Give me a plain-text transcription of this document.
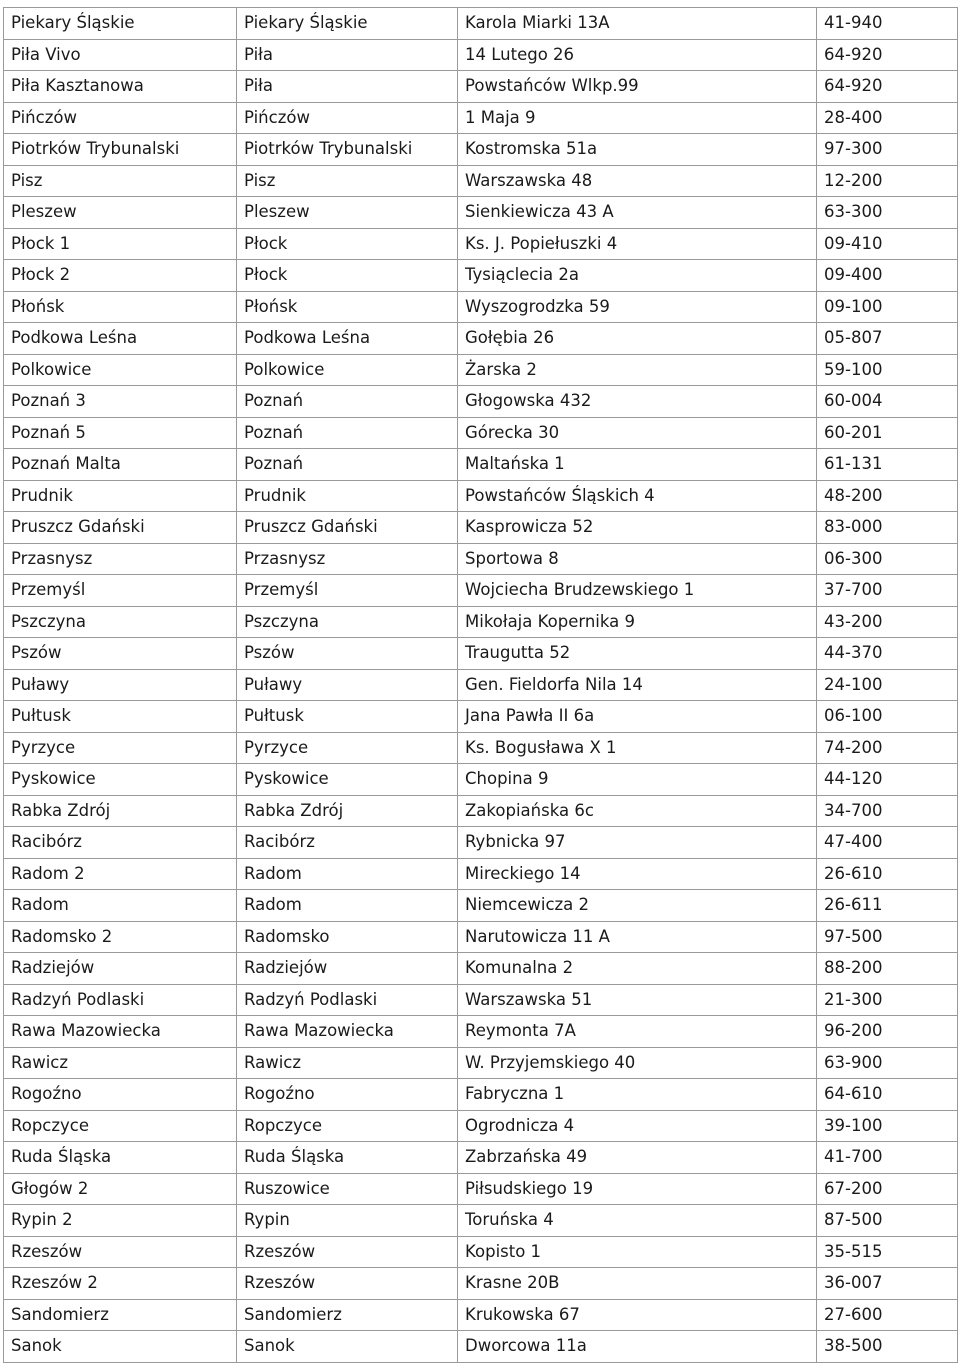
Piekary Śląskie	Piekary Śląskie	Karola Miarki 13A	41-940
Piła Vivo	Piła	14 Lutego 26	64-920
Piła Kasztanowa	Piła	Powstańców Wlkp.99	64-920
Pińczów	Pińczów	1 Maja 9	28-400
Piotrków Trybunalski	Piotrków Trybunalski	Kostromska 51a	97-300
Pisz	Pisz	Warszawska 48	12-200
Pleszew	Pleszew	Sienkiewicza 43 A	63-300
Płock 1	Płock	Ks. J. Popiełuszki 4	09-410
Płock 2	Płock	Tysiąclecia 2a	09-400
Płońsk	Płońsk	Wyszogrodzka 59	09-100
Podkowa Leśna	Podkowa Leśna	Gołębia 26	05-807
Polkowice	Polkowice	Żarska 2	59-100
Poznań 3	Poznań	Głogowska 432	60-004
Poznań 5	Poznań	Górecka 30	60-201
Poznań Malta	Poznań	Maltańska 1	61-131
Prudnik	Prudnik	Powstańców Śląskich 4	48-200
Pruszcz Gdański	Pruszcz Gdański	Kasprowicza 52	83-000
Przasnysz	Przasnysz	Sportowa 8	06-300
Przemyśl	Przemyśl	Wojciecha Brudzewskiego 1	37-700
Pszczyna	Pszczyna	Mikołaja Kopernika 9	43-200
Pszów	Pszów	Traugutta 52	44-370
Puławy	Puławy	Gen. Fieldorfa Nila 14	24-100
Pułtusk	Pułtusk	Jana Pawła II 6a	06-100
Pyrzyce	Pyrzyce	Ks. Bogusława X 1	74-200
Pyskowice	Pyskowice	Chopina 9	44-120
Rabka Zdrój	Rabka Zdrój	Zakopiańska 6c	34-700
Racibórz	Racibórz	Rybnicka 97	47-400
Radom 2	Radom	Mireckiego 14	26-610
Radom	Radom	Niemcewicza 2	26-611
Radomsko 2	Radomsko	Narutowicza 11 A	97-500
Radziejów	Radziejów	Komunalna 2	88-200
Radzyń Podlaski	Radzyń Podlaski	Warszawska 51	21-300
Rawa Mazowiecka	Rawa Mazowiecka	Reymonta 7A	96-200
Rawicz	Rawicz	W. Przyjemskiego 40	63-900
Rogoźno	Rogoźno	Fabryczna 1	64-610
Ropczyce	Ropczyce	Ogrodnicza 4	39-100
Ruda Śląska	Ruda Śląska	Zabrzańska 49	41-700
Głogów 2	Ruszowice	Piłsudskiego 19	67-200
Rypin 2	Rypin	Toruńska 4	87-500
Rzeszów	Rzeszów	Kopisto 1	35-515
Rzeszów 2	Rzeszów	Krasne 20B	36-007
Sandomierz	Sandomierz	Krukowska 67	27-600
Sanok	Sanok	Dworcowa 11a	38-500
